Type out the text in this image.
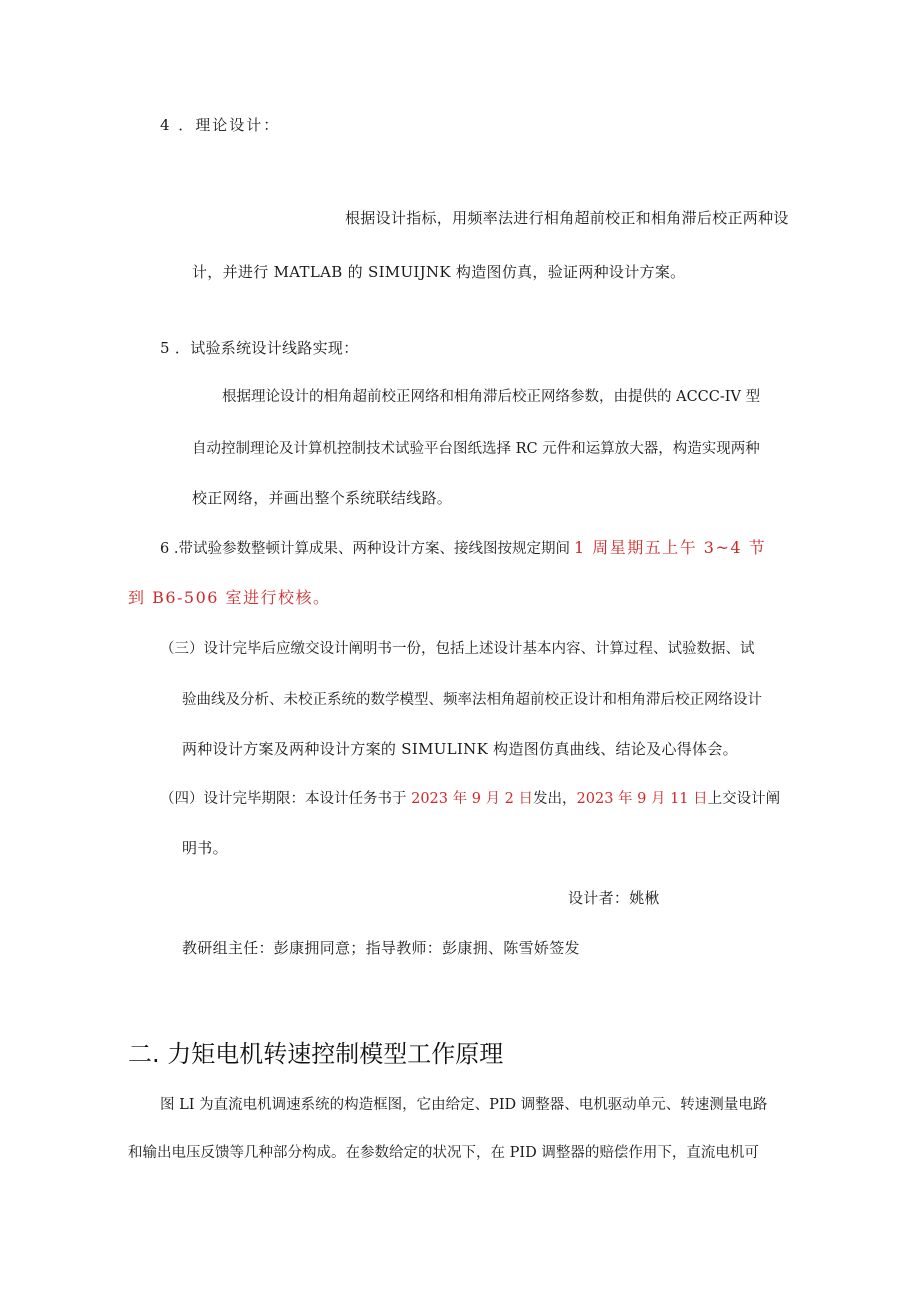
4 ．理论设计：
根据设计指标，用频率法进行相角超前校正和相角滞后校正两种设
计，并进行 MATLAB 的 SIMUIJNK 构造图仿真，验证两种设计方案。
5 ．试验系统设计线路实现：
根据理论设计的相角超前校正网络和相角滞后校正网络参数，由提供的 ACCC-IV 型
自动控制理论及计算机控制技术试验平台图纸选择 RC 元件和运算放大器，构造实现两种
校正网络，并画出整个系统联结线路。
6 .带试验参数整顿计算成果、两种设计方案、接线图按规定期间 1 周星期五上午 3~4 节
到 B6-506 室进行校核。
（三）设计完毕后应缴交设计阐明书一份，包括上述设计基本内容、计算过程、试验数据、试
验曲线及分析、未校正系统的数学模型、频率法相角超前校正设计和相角滞后校正网络设计
两种设计方案及两种设计方案的 SIMULINK 构造图仿真曲线、结论及心得体会。
（四）设计完毕期限：本设计任务书于 2023 年 9 月 2 日发出，2023 年 9 月 11 日上交设计阐
明书。
设计者：姚楸
教研组主任：彭康拥同意；指导教师：彭康拥、陈雪娇签发
二. 力矩电机转速控制模型工作原理
图 LI 为直流电机调速系统的构造框图，它由给定、PID 调整器、电机驱动单元、转速测量电路
和输出电压反馈等几种部分构成。在参数给定的状况下，在 PID 调整器的赔偿作用下，直流电机可
